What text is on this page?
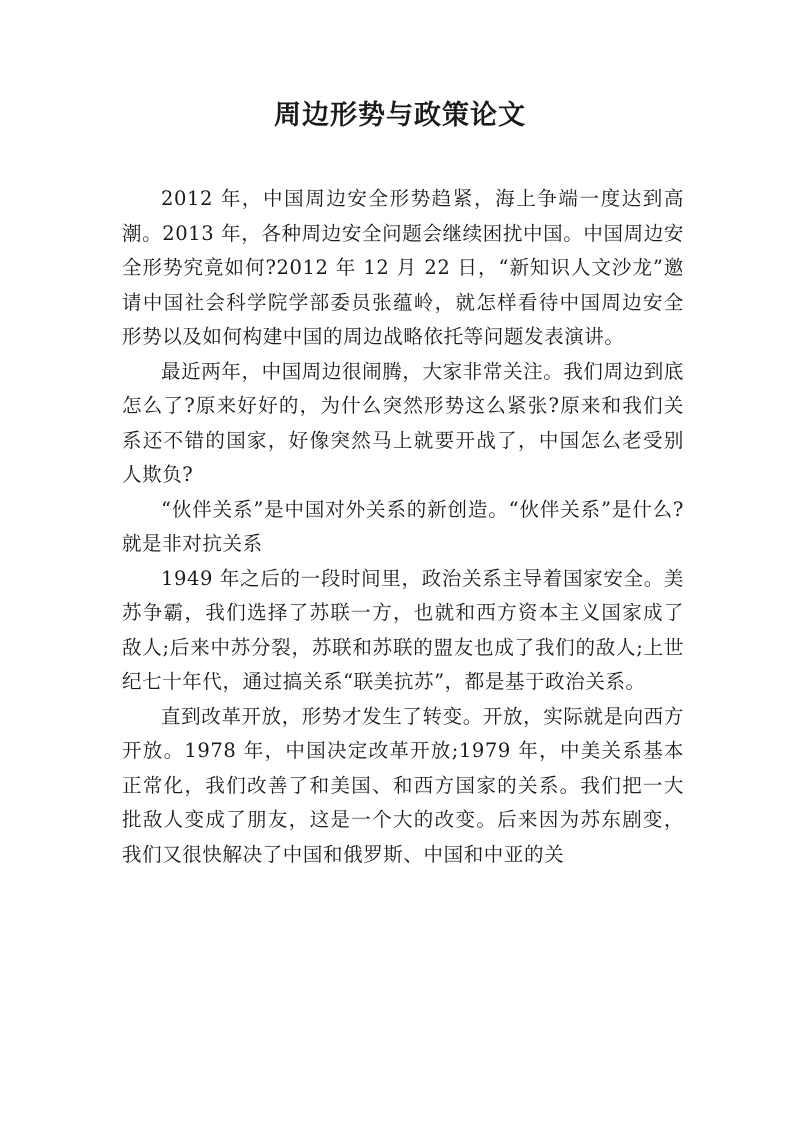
周边形势与政策论文

2012 年，中国周边安全形势趋紧，海上争端一度达到高潮。2013 年，各种周边安全问题会继续困扰中国。中国周边安全形势究竟如何?2012 年 12 月 22 日，“新知识人文沙龙”邀请中国社会科学院学部委员张蕴岭，就怎样看待中国周边安全形势以及如何构建中国的周边战略依托等问题发表演讲。

最近两年，中国周边很闹腾，大家非常关注。我们周边到底怎么了?原来好好的，为什么突然形势这么紧张?原来和我们关系还不错的国家，好像突然马上就要开战了，中国怎么老受别人欺负?

“伙伴关系”是中国对外关系的新创造。“伙伴关系”是什么?就是非对抗关系

1949 年之后的一段时间里，政治关系主导着国家安全。美苏争霸，我们选择了苏联一方，也就和西方资本主义国家成了敌人;后来中苏分裂，苏联和苏联的盟友也成了我们的敌人;上世纪七十年代，通过搞关系“联美抗苏”，都是基于政治关系。

直到改革开放，形势才发生了转变。开放，实际就是向西方开放。1978 年，中国决定改革开放;1979 年，中美关系基本正常化，我们改善了和美国、和西方国家的关系。我们把一大批敌人变成了朋友，这是一个大的改变。后来因为苏东剧变，我们又很快解决了中国和俄罗斯、中国和中亚的关
